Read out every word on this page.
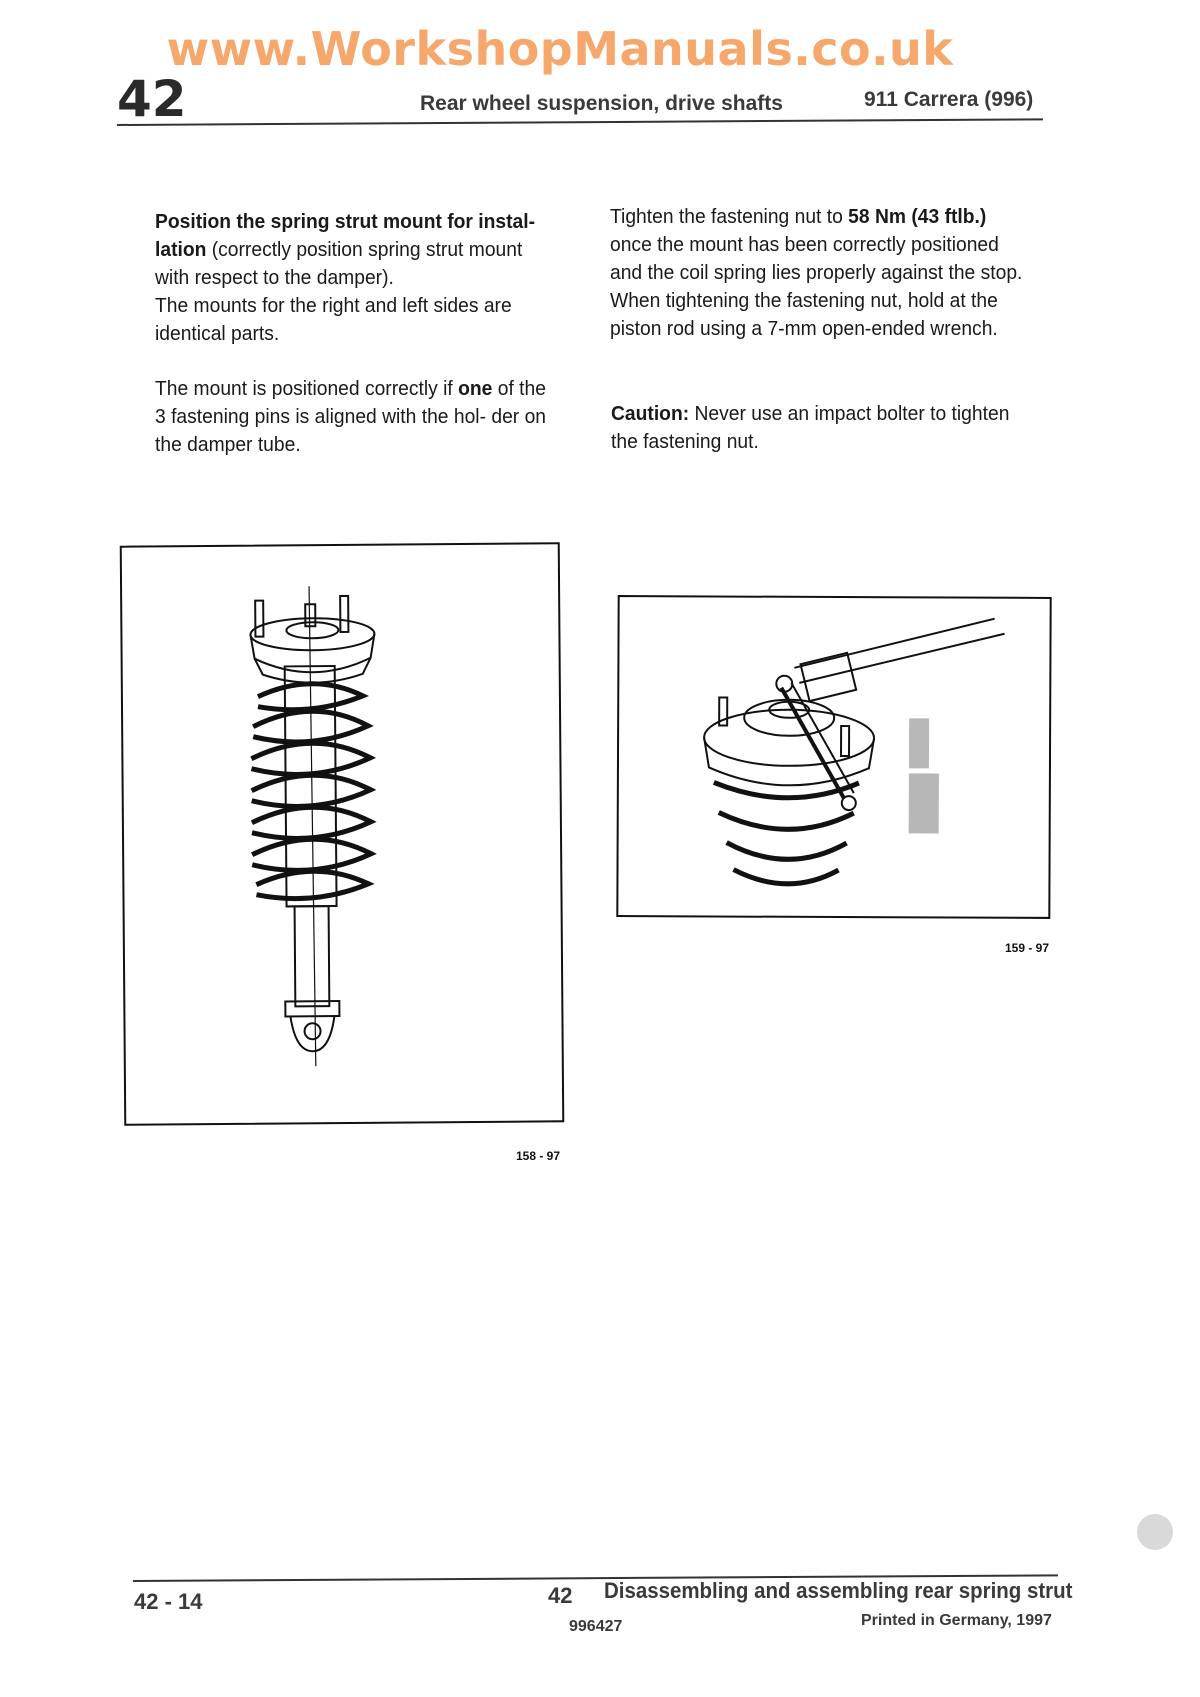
www.WorkshopManuals.co.uk
42	Rear wheel suspension, drive shafts	911 Carrera (996)
Position the spring strut mount for instal- lation (correctly position spring strut mount with respect to the damper).
The mounts for the right and left sides are identical parts.
The mount is positioned correctly if one of the 3 fastening pins is aligned with the hol- der on the damper tube.
Tighten the fastening nut to 58 Nm (43 ftlb.) once the mount has been correctly positioned and the coil spring lies properly against the stop. When tightening the fastening nut, hold at the piston rod using a 7-mm open-ended wrench.
Caution: Never use an impact bolter to tighten the fastening nut.
158 - 97
159 - 97
42 - 14	42 Disassembling and assembling rear spring strut
996427	Printed in Germany, 1997
